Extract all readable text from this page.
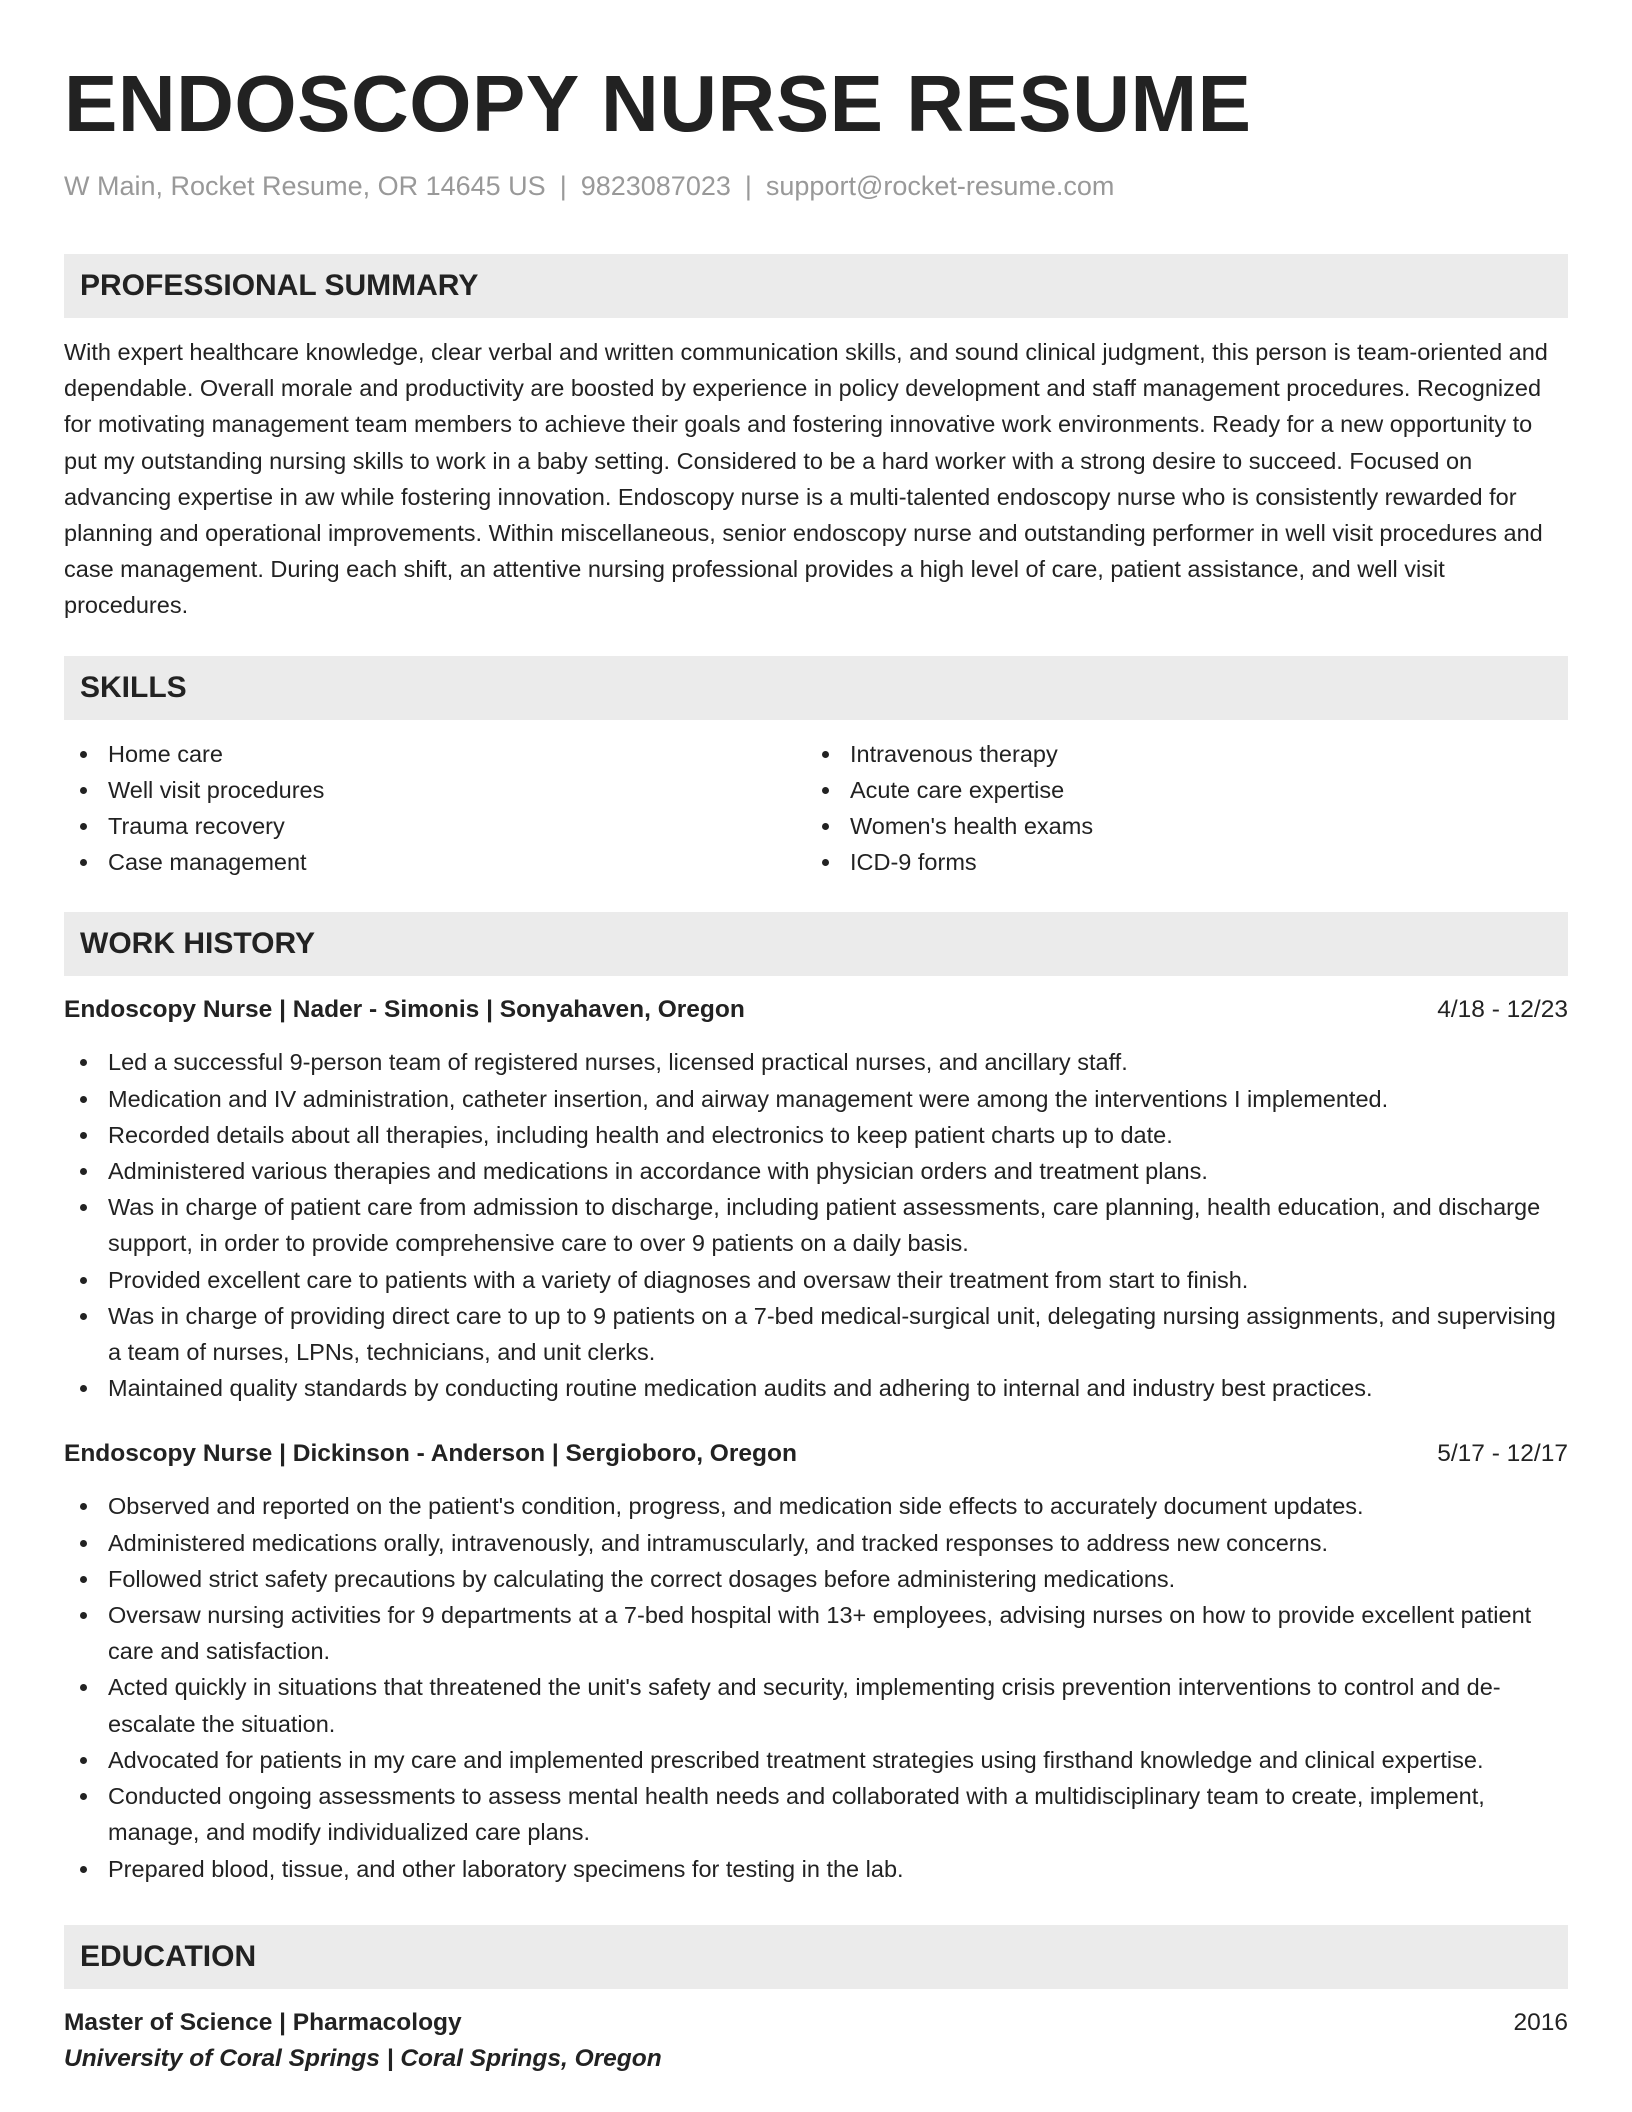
ENDOSCOPY NURSE RESUME
W Main, Rocket Resume, OR 14645 US | 9823087023 | support@rocket-resume.com
PROFESSIONAL SUMMARY

With expert healthcare knowledge, clear verbal and written communication skills, and sound clinical judgment, this person is team-oriented and dependable. Overall morale and productivity are boosted by experience in policy development and staff management procedures. Recognized for motivating management team members to achieve their goals and fostering innovative work environments. Ready for a new opportunity to put my outstanding nursing skills to work in a baby setting. Considered to be a hard worker with a strong desire to succeed. Focused on advancing expertise in aw while fostering innovation. Endoscopy nurse is a multi-talented endoscopy nurse who is consistently rewarded for planning and operational improvements. Within miscellaneous, senior endoscopy nurse and outstanding performer in well visit procedures and case management. During each shift, an attentive nursing professional provides a high level of care, patient assistance, and well visit procedures.

SKILLS
Home care
Well visit procedures
Trauma recovery
Case management
Intravenous therapy
Acute care expertise
Women's health exams
ICD-9 forms
WORK HISTORY
Endoscopy Nurse | Nader - Simonis | Sonyahaven, Oregon	4/18 - 12/23
Led a successful 9-person team of registered nurses, licensed practical nurses, and ancillary staff.
Medication and IV administration, catheter insertion, and airway management were among the interventions I implemented.
Recorded details about all therapies, including health and electronics to keep patient charts up to date.
Administered various therapies and medications in accordance with physician orders and treatment plans.
Was in charge of patient care from admission to discharge, including patient assessments, care planning, health education, and discharge support, in order to provide comprehensive care to over 9 patients on a daily basis.
Provided excellent care to patients with a variety of diagnoses and oversaw their treatment from start to finish.
Was in charge of providing direct care to up to 9 patients on a 7-bed medical-surgical unit, delegating nursing assignments, and supervising a team of nurses, LPNs, technicians, and unit clerks.
Maintained quality standards by conducting routine medication audits and adhering to internal and industry best practices.
Endoscopy Nurse | Dickinson - Anderson | Sergioboro, Oregon	5/17 - 12/17
Observed and reported on the patient's condition, progress, and medication side effects to accurately document updates.
Administered medications orally, intravenously, and intramuscularly, and tracked responses to address new concerns.
Followed strict safety precautions by calculating the correct dosages before administering medications.
Oversaw nursing activities for 9 departments at a 7-bed hospital with 13+ employees, advising nurses on how to provide excellent patient care and satisfaction.
Acted quickly in situations that threatened the unit's safety and security, implementing crisis prevention interventions to control and de-escalate the situation.
Advocated for patients in my care and implemented prescribed treatment strategies using firsthand knowledge and clinical expertise.
Conducted ongoing assessments to assess mental health needs and collaborated with a multidisciplinary team to create, implement, manage, and modify individualized care plans.
Prepared blood, tissue, and other laboratory specimens for testing in the lab.
EDUCATION
Master of Science | Pharmacology	2016
University of Coral Springs | Coral Springs, Oregon
